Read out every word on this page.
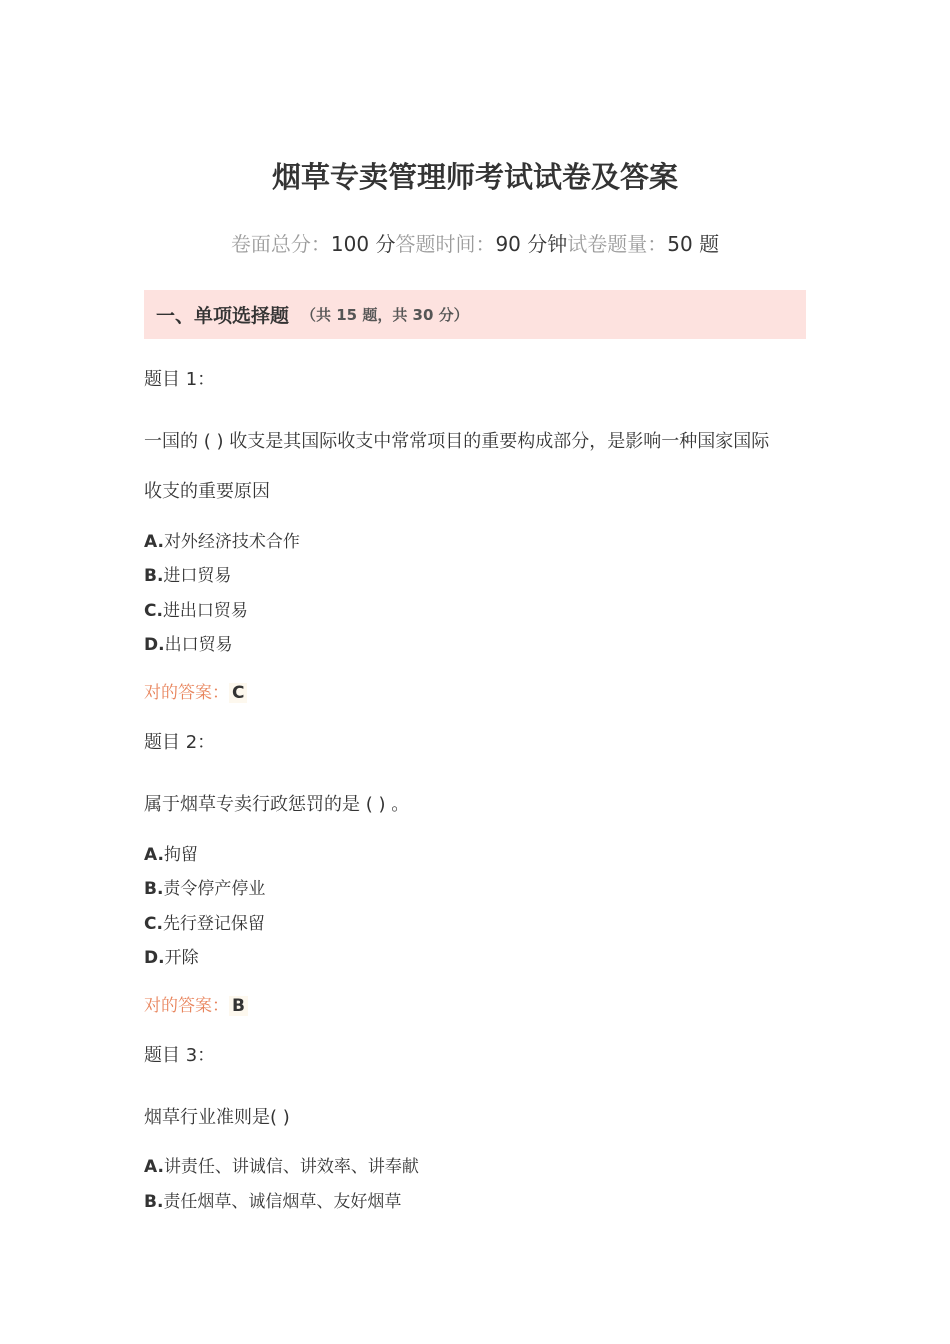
烟草专卖管理师考试试卷及答案
卷面总分：100 分答题时间：90 分钟试卷题量：50 题
一、单项选择题 （共 15 题，共 30 分）
题目 1：
一国的 ( ) 收支是其国际收支中常常项目的重要构成部分，是影响一种国家国际
收支的重要原因
A.对外经济技术合作
B.进口贸易
C.进出口贸易
D.出口贸易
对的答案： C
题目 2：
属于烟草专卖行政惩罚的是 ( ) 。
A.拘留
B.责令停产停业
C.先行登记保留
D.开除
对的答案： B
题目 3：
烟草行业准则是( )
A.讲责任、讲诚信、讲效率、讲奉献
B.责任烟草、诚信烟草、友好烟草
